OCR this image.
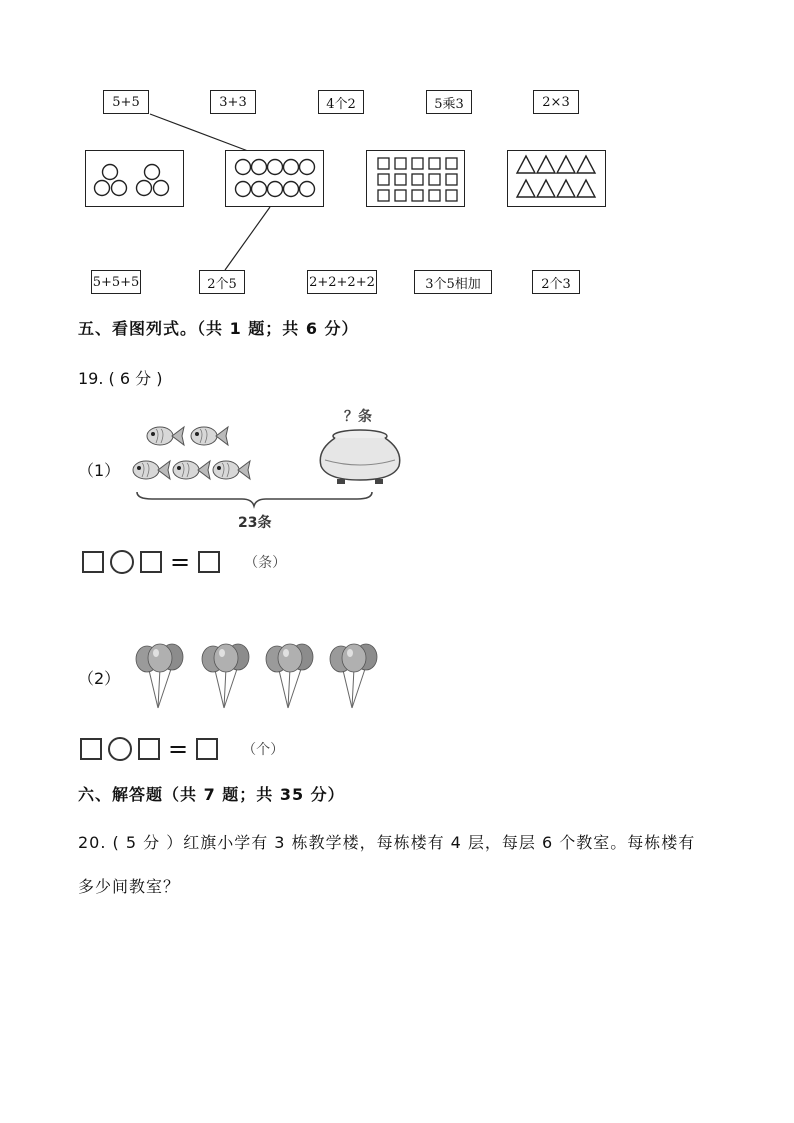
5+5	3+3	4个2	5乘3	2×3
5+5+5	2个5	2+2+2+2	3个5相加	2个3
五、看图列式。（共 1 题；共 6 分）
19. ( 6 分 )
（1）
？条
23条
=	（条）
（2）
=	（个）
六、解答题（共 7 题；共 35 分）
20. ( 5 分 ）红旗小学有 3 栋教学楼，每栋楼有 4 层，每层 6 个教室。每栋楼有
多少间教室？
